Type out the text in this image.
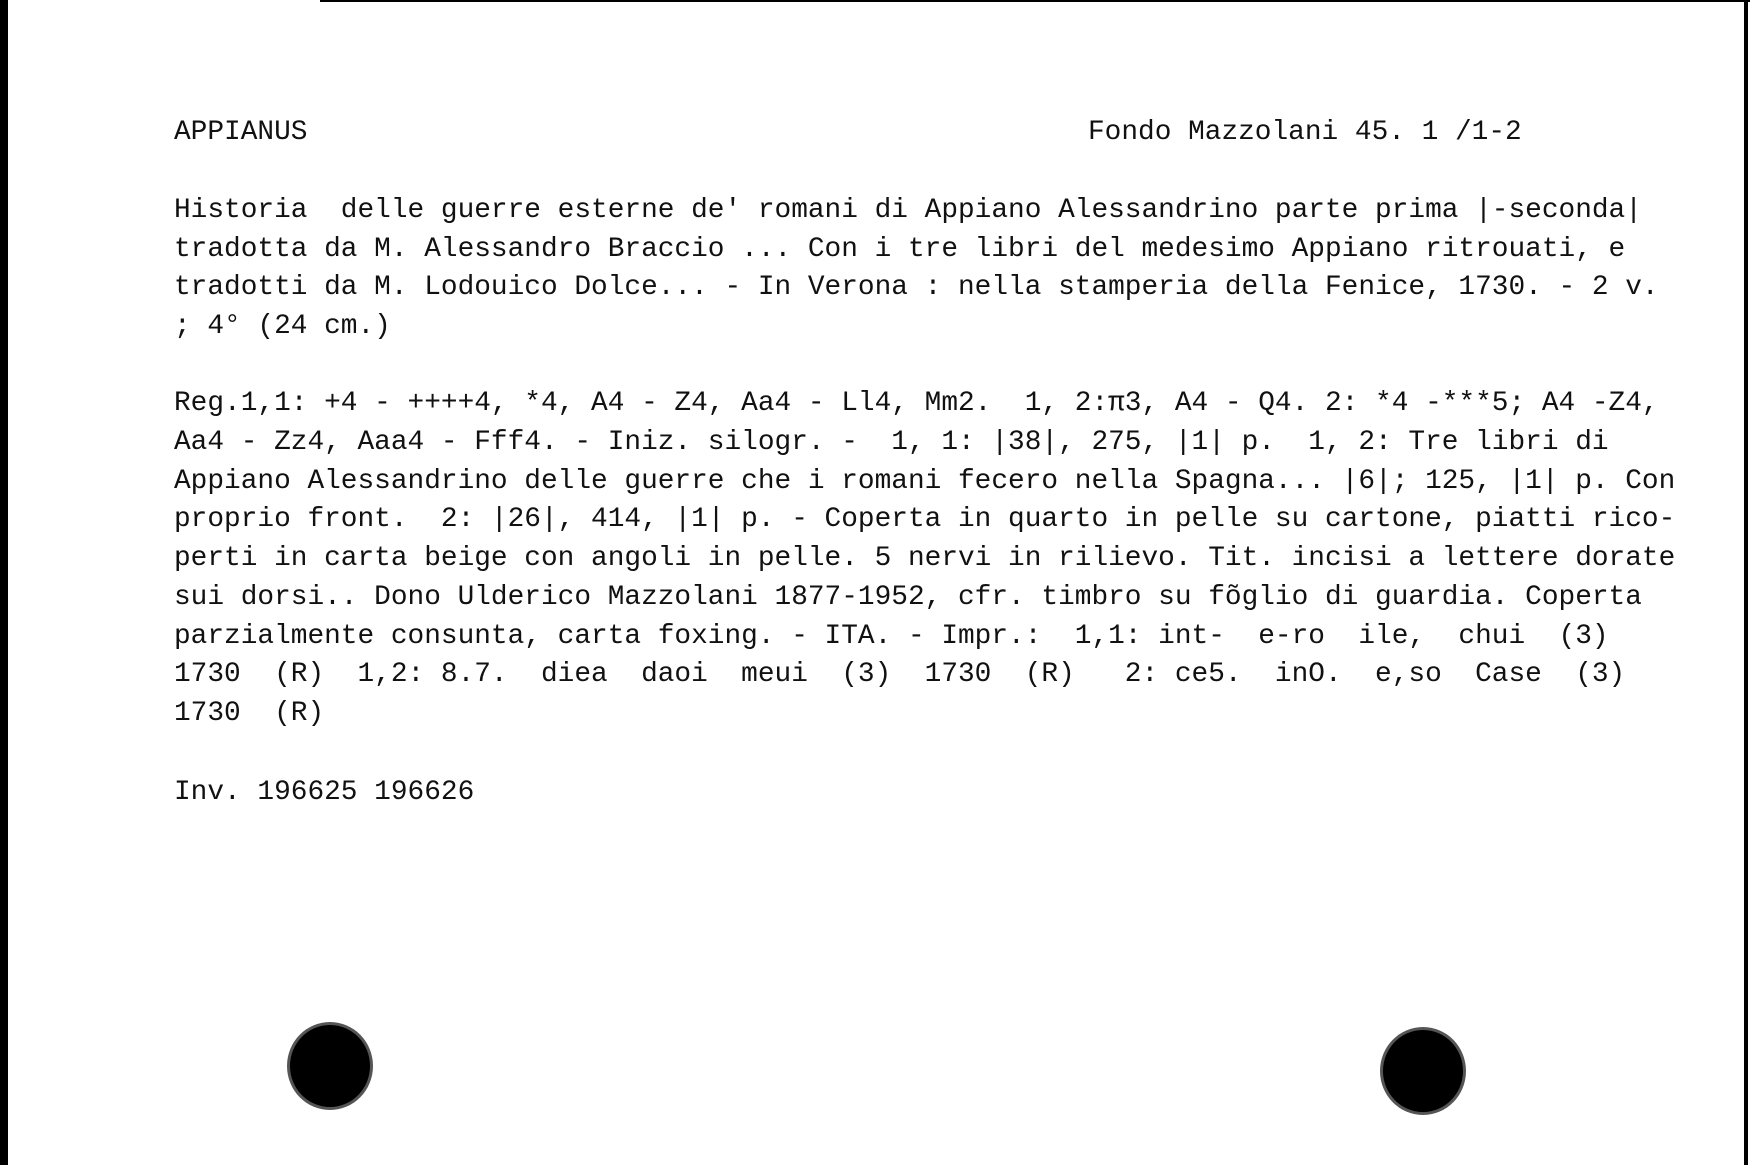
APPIANUS	Fondo Mazzolani 45. 1 /1-2
Historia  delle guerre esterne de' romani di Appiano Alessandrino parte prima |-seconda|
tradotta da M. Alessandro Braccio ... Con i tre libri del medesimo Appiano ritrouati, e
tradotti da M. Lodouico Dolce... - In Verona : nella stamperia della Fenice, 1730. - 2 v.
; 4° (24 cm.)
Reg.1,1: +4 - ++++4, *4, A4 - Z4, Aa4 - Ll4, Mm2.  1, 2:π3, A4 - Q4. 2: *4 -***5; A4 -Z4,
Aa4 - Zz4, Aaa4 - Fff4. - Iniz. silogr. -  1, 1: |38|, 275, |1| p.  1, 2: Tre libri di
Appiano Alessandrino delle guerre che i romani fecero nella Spagna... |6|; 125, |1| p. Con
proprio front.  2: |26|, 414, |1| p. - Coperta in quarto in pelle su cartone, piatti rico-
perti in carta beige con angoli in pelle. 5 nervi in rilievo. Tit. incisi a lettere dorate
sui dorsi.. Dono Ulderico Mazzolani 1877-1952, cfr. timbro su fõglio di guardia. Coperta
parzialmente consunta, carta foxing. - ITA. - Impr.:  1,1: int-  e-ro  ile,  chui  (3)
1730  (R)  1,2: 8.7.  diea  daoi  meui  (3)  1730  (R)   2: ce5.  inO.  e,so  Case  (3)
1730  (R)
Inv. 196625 196626
